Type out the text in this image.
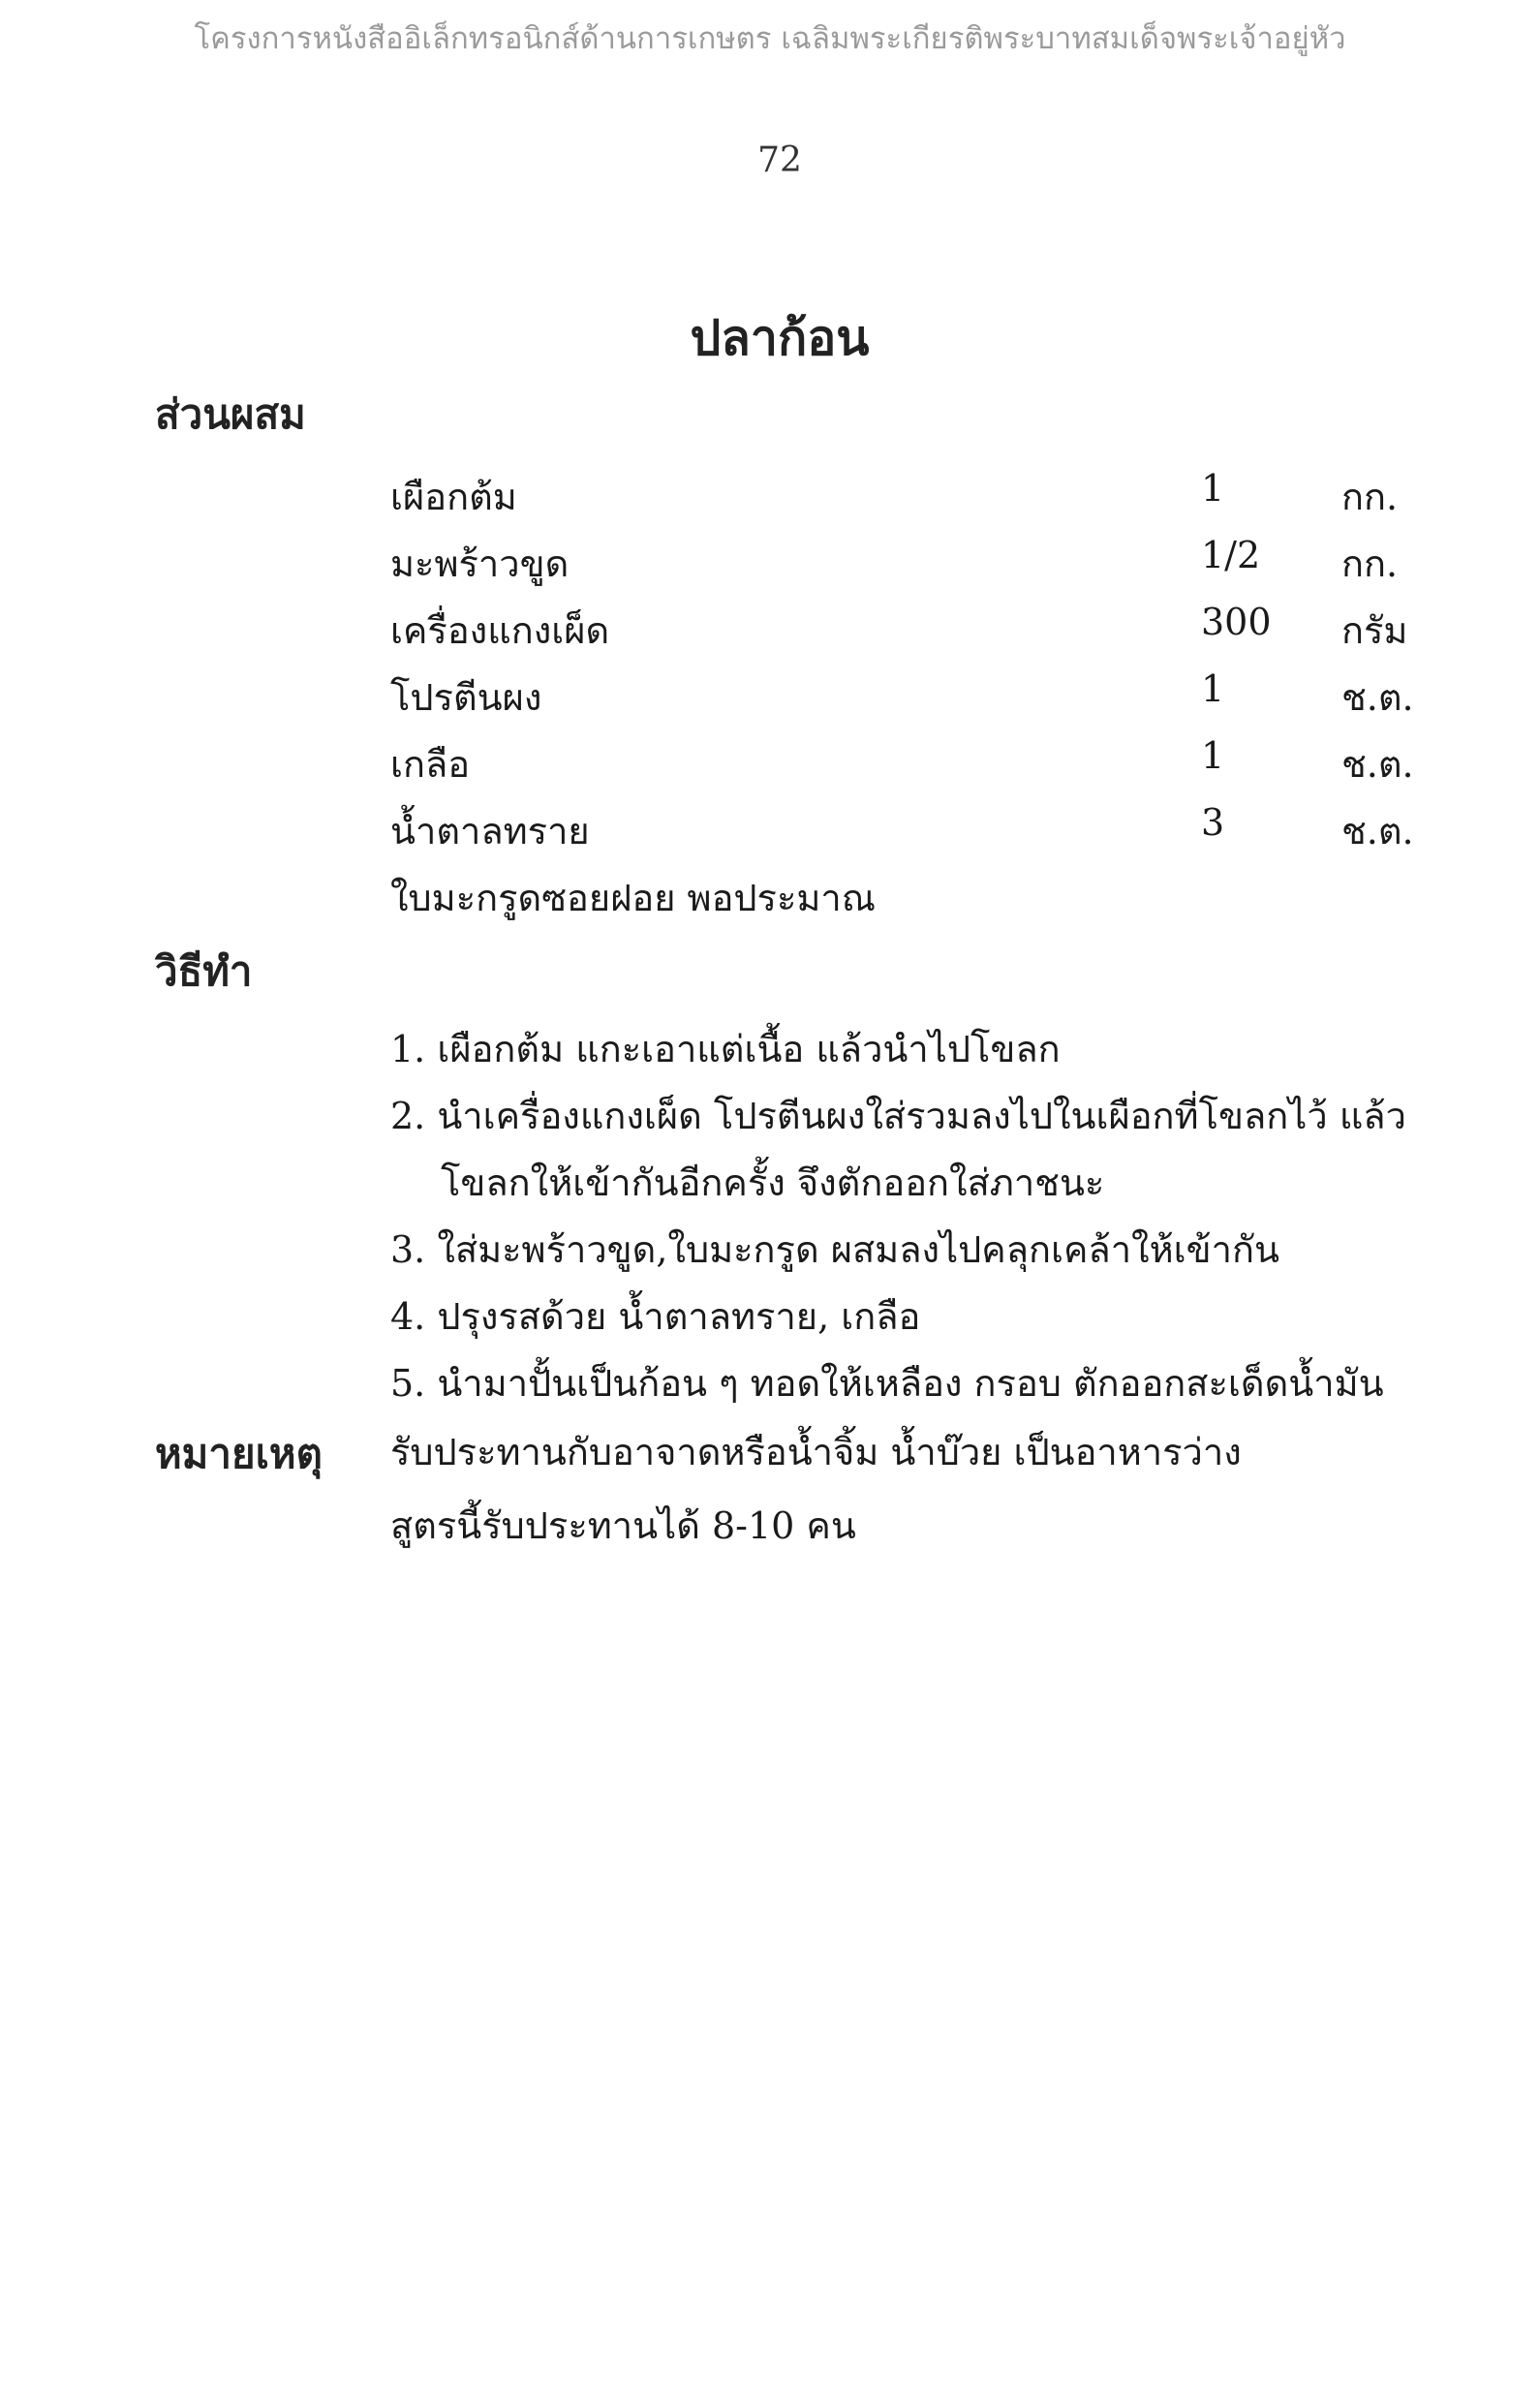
โครงการหนังสืออิเล็กทรอนิกส์ด้านการเกษตร เฉลิมพระเกียรติพระบาทสมเด็จพระเจ้าอยู่หัว
72
ปลาก้อน
ส่วนผสม
เผือกต้ม	1	กก.
มะพร้าวขูด	1/2 กก.
เครื่องแกงเผ็ด	300 กรัม
โปรตีนผง	1	ช.ต.
เกลือ	1	ช.ต.
น้ำตาลทราย	3	ช.ต.
ใบมะกรูดซอยฝอย พอประมาณ
วิธีทำ
1. เผือกต้ม แกะเอาแต่เนื้อ แล้วนำไปโขลก
2. นำเครื่องแกงเผ็ด โปรตีนผงใส่รวมลงไปในเผือกที่โขลกไว้ แล้ว
โขลกให้เข้ากันอีกครั้ง จึงตักออกใส่ภาชนะ
3. ใส่มะพร้าวขูด,ใบมะกรูด ผสมลงไปคลุกเคล้าให้เข้ากัน
4. ปรุงรสด้วย น้ำตาลทราย, เกลือ
5. นำมาปั้นเป็นก้อน ๆ ทอดให้เหลือง กรอบ ตักออกสะเด็ดน้ำมัน
หมายเหตุ รับประทานกับอาจาดหรือน้ำจิ้ม น้ำบ๊วย เป็นอาหารว่าง
สูตรนี้รับประทานได้ 8-10 คน
